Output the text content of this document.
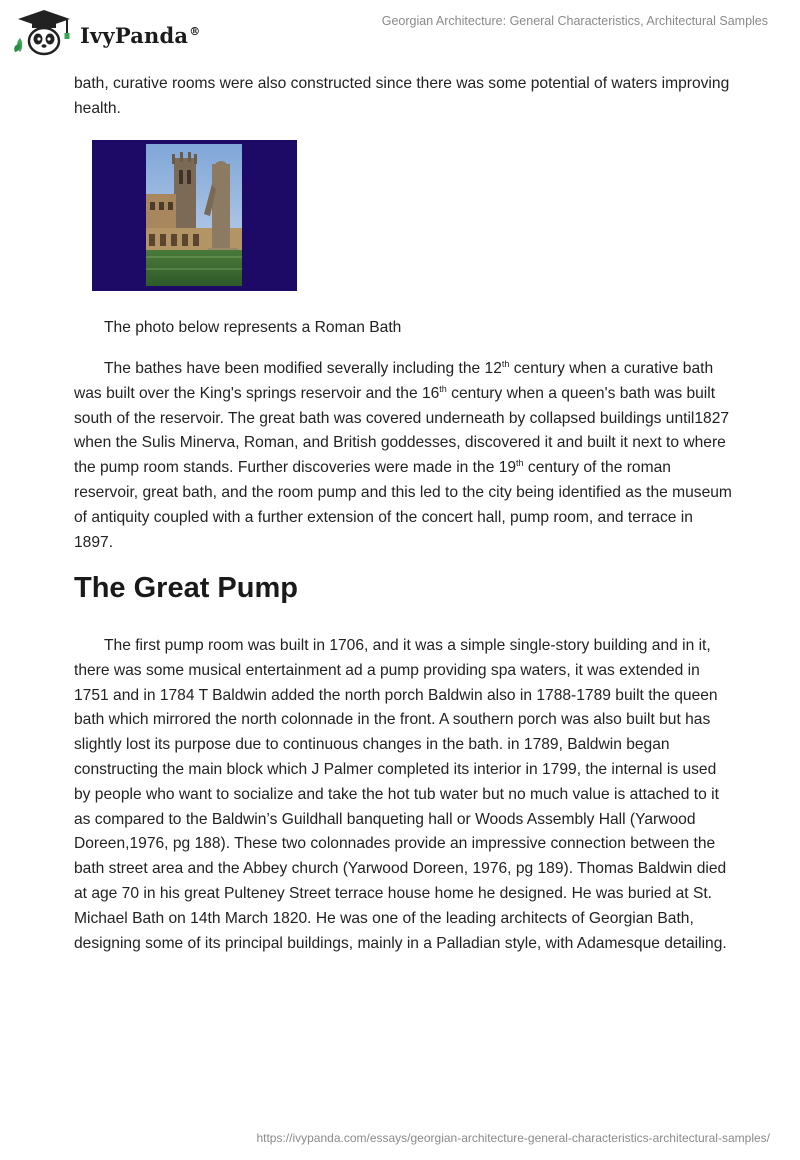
IvyPanda®
Georgian Architecture: General Characteristics, Architectural Samples

bath, curative rooms were also constructed since there was some potential of waters improving health.

The photo below represents a Roman Bath

The bathes have been modified severally including the 12th century when a curative bath was built over the King's springs reservoir and the 16th century when a queen's bath was built south of the reservoir. The great bath was covered underneath by collapsed buildings until1827 when the Sulis Minerva, Roman, and British goddesses, discovered it and built it next to where the pump room stands. Further discoveries were made in the 19th century of the roman reservoir, great bath, and the room pump and this led to the city being identified as the museum of antiquity coupled with a further extension of the concert hall, pump room, and terrace in 1897.

The Great Pump

The first pump room was built in 1706, and it was a simple single-story building and in it, there was some musical entertainment ad a pump providing spa waters, it was extended in 1751 and in 1784 T Baldwin added the north porch Baldwin also in 1788-1789 built the queen bath which mirrored the north colonnade in the front. A southern porch was also built but has slightly lost its purpose due to continuous changes in the bath. in 1789, Baldwin began constructing the main block which J Palmer completed its interior in 1799, the internal is used by people who want to socialize and take the hot tub water but no much value is attached to it as compared to the Baldwin’s Guildhall banqueting hall or Woods Assembly Hall (Yarwood Doreen,1976, pg 188). These two colonnades provide an impressive connection between the bath street area and the Abbey church (Yarwood Doreen, 1976, pg 189). Thomas Baldwin died at age 70 in his great Pulteney Street terrace house home he designed. He was buried at St. Michael Bath on 14th March 1820. He was one of the leading architects of Georgian Bath, designing some of its principal buildings, mainly in a Palladian style, with Adamesque detailing.

https://ivypanda.com/essays/georgian-architecture-general-characteristics-architectural-samples/
